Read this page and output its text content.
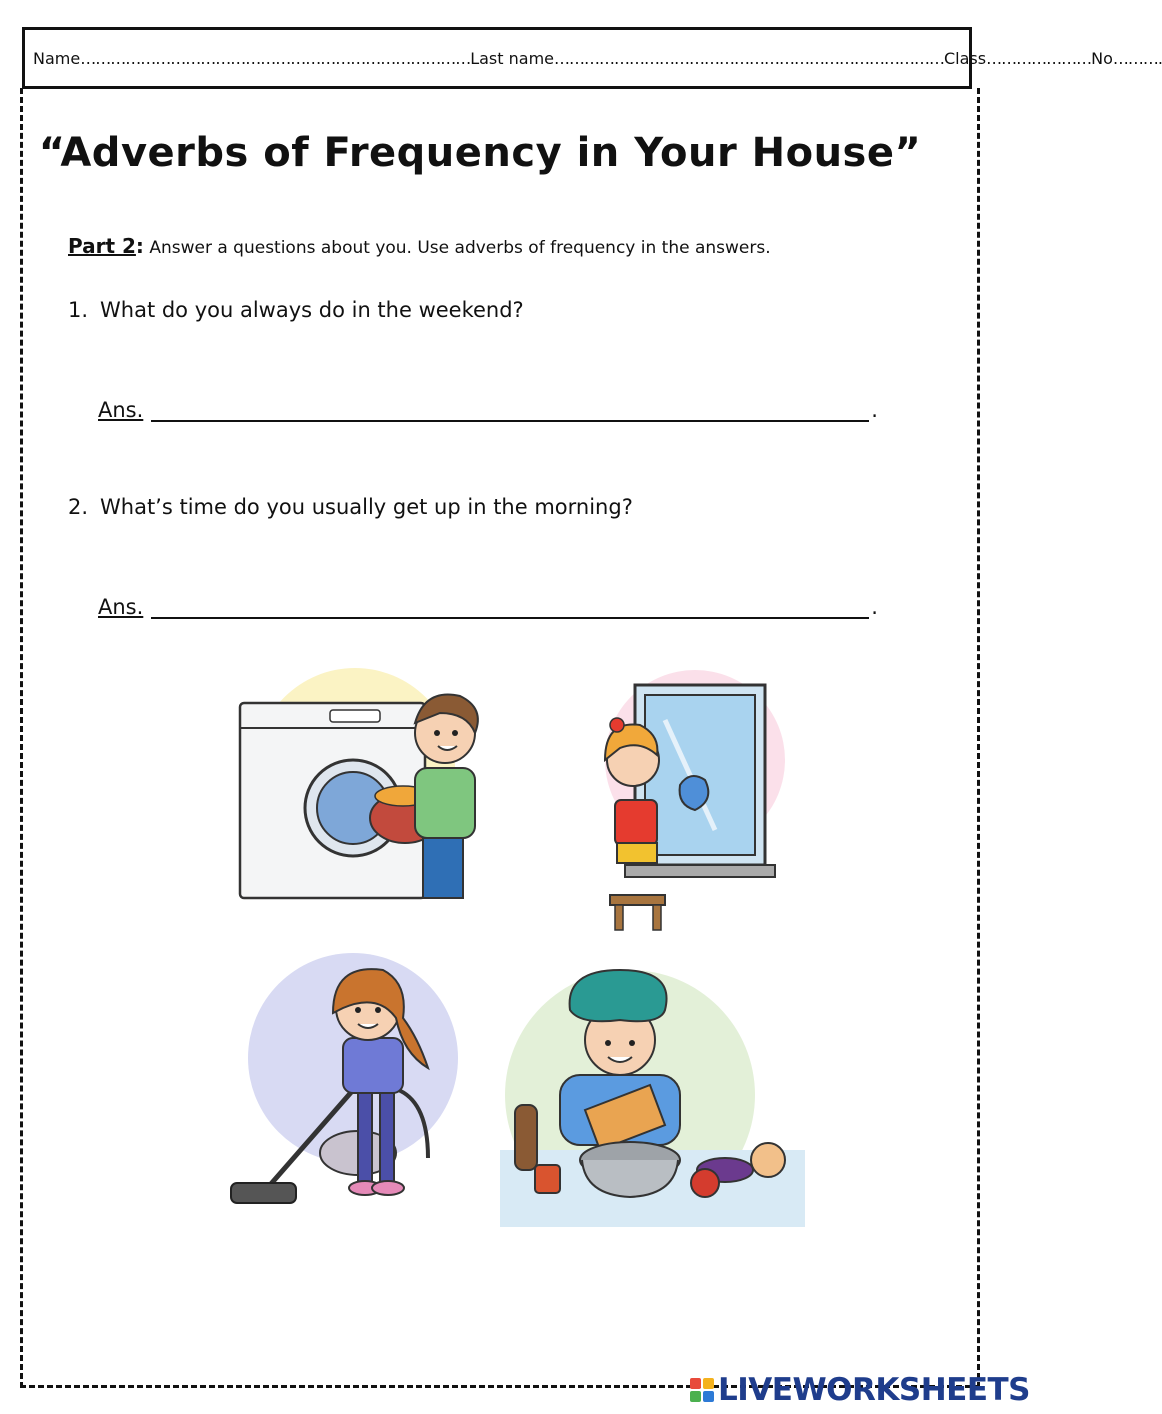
Name …………………………………………………………………… Last name …………………………………………………………………… Class ………………… No ……….
“Adverbs of Frequency in Your House”
Part 2: Answer a questions about you. Use adverbs of frequency in the answers.
1. What do you always do in the weekend?
Ans.	.
2. What’s time do you usually get up in the morning?
Ans.	.
LIVEWORKSHEETS
